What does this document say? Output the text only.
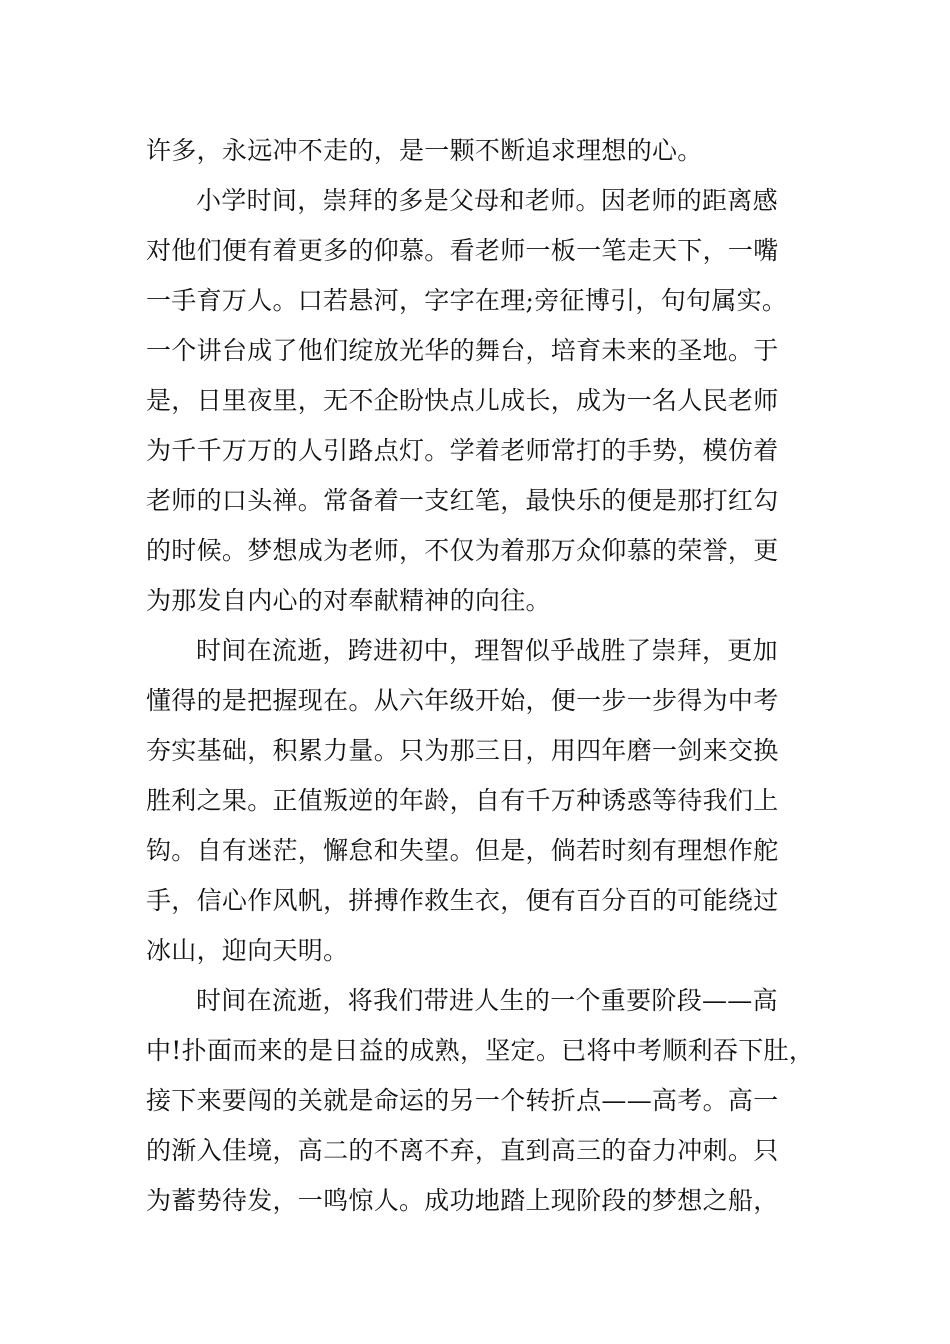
许多，永远冲不走的，是一颗不断追求理想的心。
小学时间，崇拜的多是父母和老师。因老师的距离感
对他们便有着更多的仰慕。看老师一板一笔走天下，一嘴
一手育万人。口若悬河，字字在理;旁征博引，句句属实。
一个讲台成了他们绽放光华的舞台，培育未来的圣地。于
是，日里夜里，无不企盼快点儿成长，成为一名人民老师
为千千万万的人引路点灯。学着老师常打的手势，模仿着
老师的口头禅。常备着一支红笔，最快乐的便是那打红勾
的时候。梦想成为老师，不仅为着那万众仰慕的荣誉，更
为那发自内心的对奉献精神的向往。
时间在流逝，跨进初中，理智似乎战胜了崇拜，更加
懂得的是把握现在。从六年级开始，便一步一步得为中考
夯实基础，积累力量。只为那三日，用四年磨一剑来交换
胜利之果。正值叛逆的年龄，自有千万种诱惑等待我们上
钩。自有迷茫，懈怠和失望。但是，倘若时刻有理想作舵
手，信心作风帆，拼搏作救生衣，便有百分百的可能绕过
冰山，迎向天明。
时间在流逝，将我们带进人生的一个重要阶段——高
中!扑面而来的是日益的成熟，坚定。已将中考顺利吞下肚，
接下来要闯的关就是命运的另一个转折点——高考。高一
的渐入佳境，高二的不离不弃，直到高三的奋力冲刺。只
为蓄势待发，一鸣惊人。成功地踏上现阶段的梦想之船，
